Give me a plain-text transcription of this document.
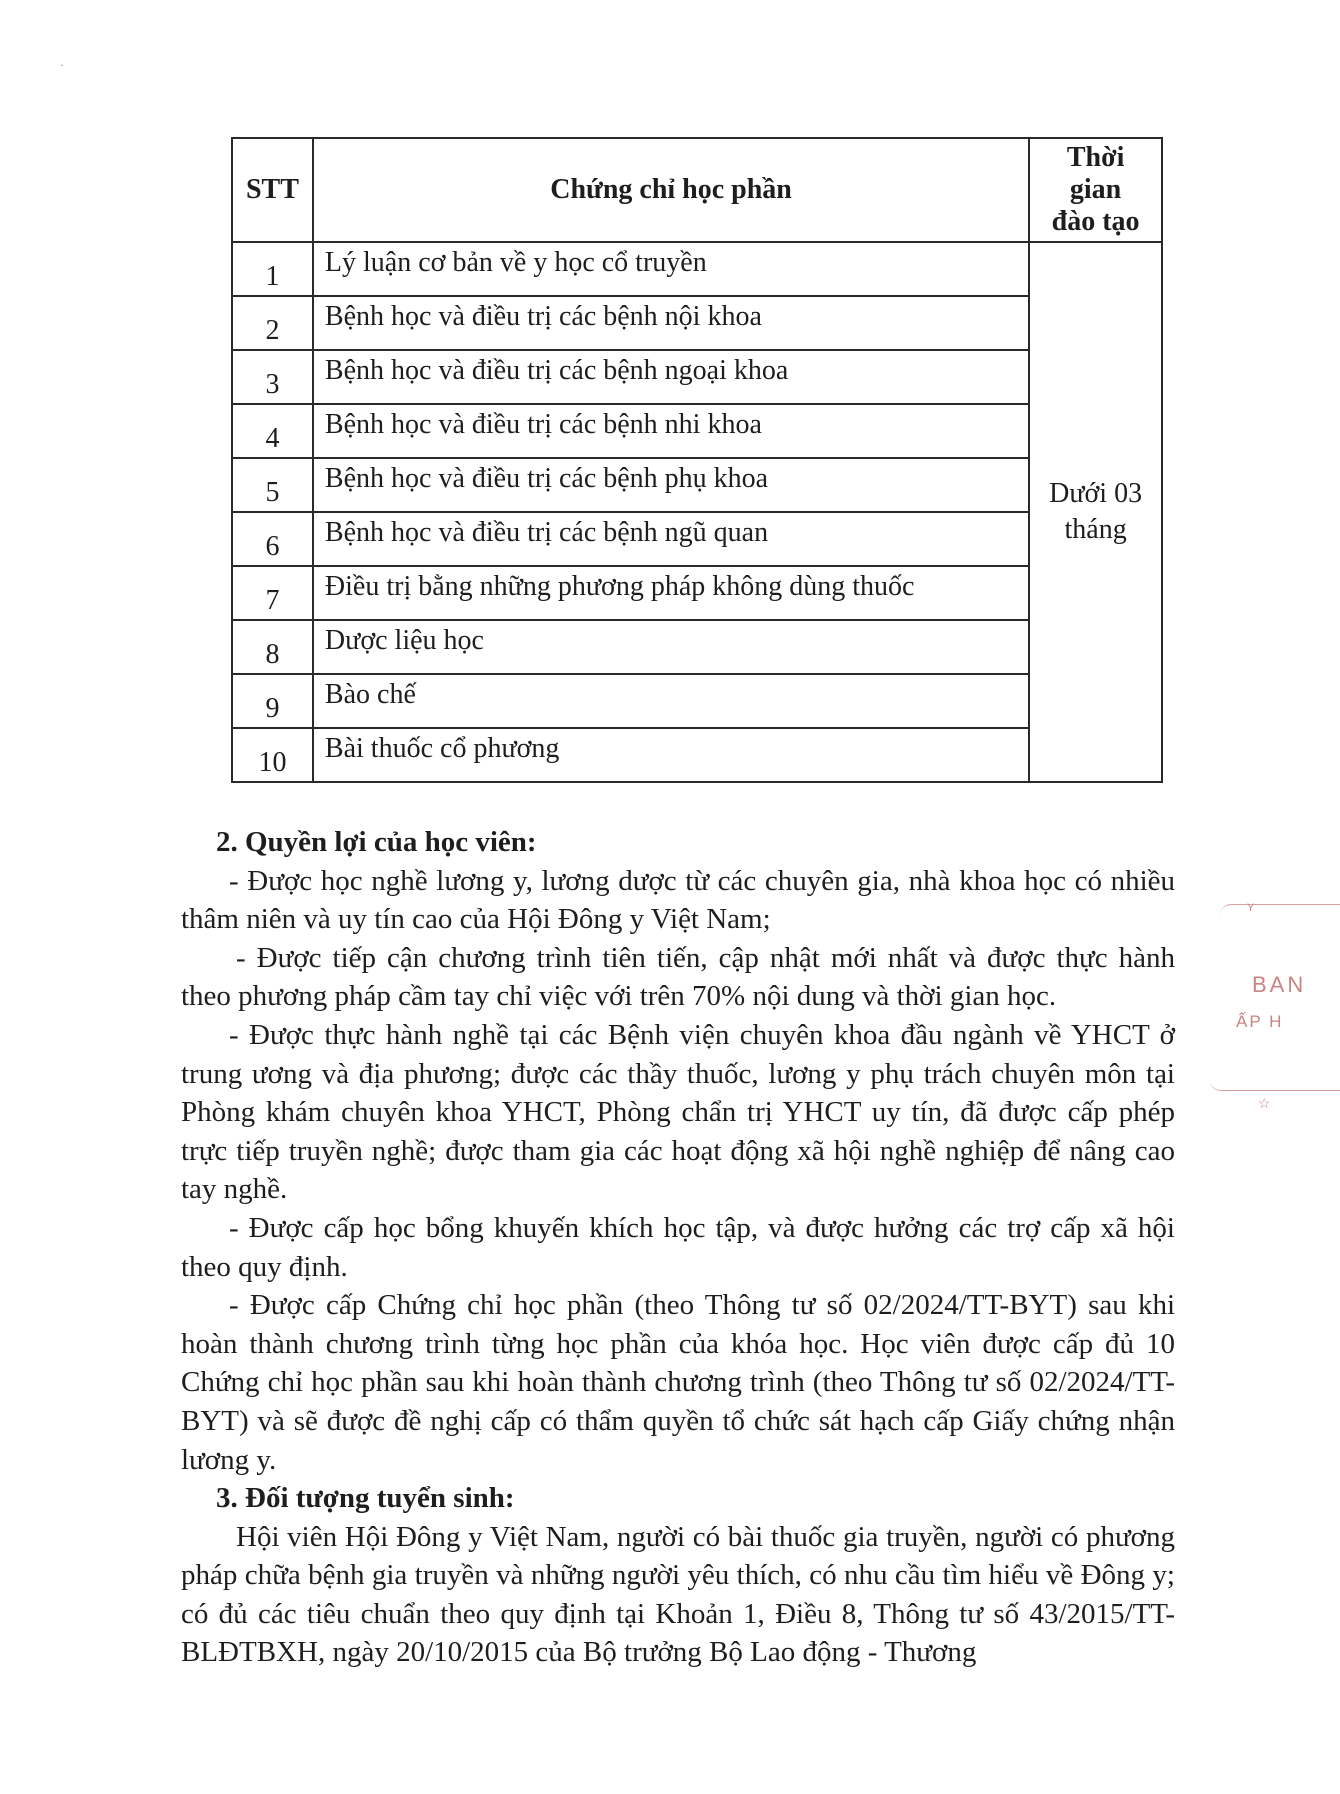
·
STT	Chứng chỉ học phần	Thời
gian
đào tạo

1	Lý luận cơ bản về y học cổ truyền	Dưới 03
tháng

2	Bệnh học và điều trị các bệnh nội khoa	
3	Bệnh học và điều trị các bệnh ngoại khoa	
4	Bệnh học và điều trị các bệnh nhi khoa	
5	Bệnh học và điều trị các bệnh phụ khoa	
6	Bệnh học và điều trị các bệnh ngũ quan	
7	Điều trị bằng những phương pháp không dùng thuốc	
8	Dược liệu học	
9	Bào chế	
10	Bài thuốc cổ phương	

2. Quyền lợi của học viên:

- Được học nghề lương y, lương dược từ các chuyên gia, nhà khoa học có nhiều thâm niên và uy tín cao của Hội Đông y Việt Nam;

- Được tiếp cận chương trình tiên tiến, cập nhật mới nhất và được thực hành theo phương pháp cầm tay chỉ việc với trên 70% nội dung và thời gian học.

- Được thực hành nghề tại các Bệnh viện chuyên khoa đầu ngành về YHCT ở trung ương và địa phương; được các thầy thuốc, lương y phụ trách chuyên môn tại Phòng khám chuyên khoa YHCT, Phòng chẩn trị YHCT uy tín, đã được cấp phép trực tiếp truyền nghề; được tham gia các hoạt động xã hội nghề nghiệp để nâng cao tay nghề.

- Được cấp học bổng khuyến khích học tập, và được hưởng các trợ cấp xã hội theo quy định.

- Được cấp Chứng chỉ học phần (theo Thông tư số 02/2024/TT-BYT) sau khi hoàn thành chương trình từng học phần của khóa học. Học viên được cấp đủ 10 Chứng chỉ học phần sau khi hoàn thành chương trình (theo Thông tư số 02/2024/TT-BYT) và sẽ được đề nghị cấp có thẩm quyền tổ chức sát hạch cấp Giấy chứng nhận lương y.

3. Đối tượng tuyển sinh:

Hội viên Hội Đông y Việt Nam, người có bài thuốc gia truyền, người có phương pháp chữa bệnh gia truyền và những người yêu thích, có nhu cầu tìm hiểu về Đông y; có đủ các tiêu chuẩn theo quy định tại Khoản 1, Điều 8, Thông tư số 43/2015/TT-BLĐTBXH, ngày 20/10/2015 của Bộ trưởng Bộ Lao động - Thương

Y
BAN
ẤP H
☆
